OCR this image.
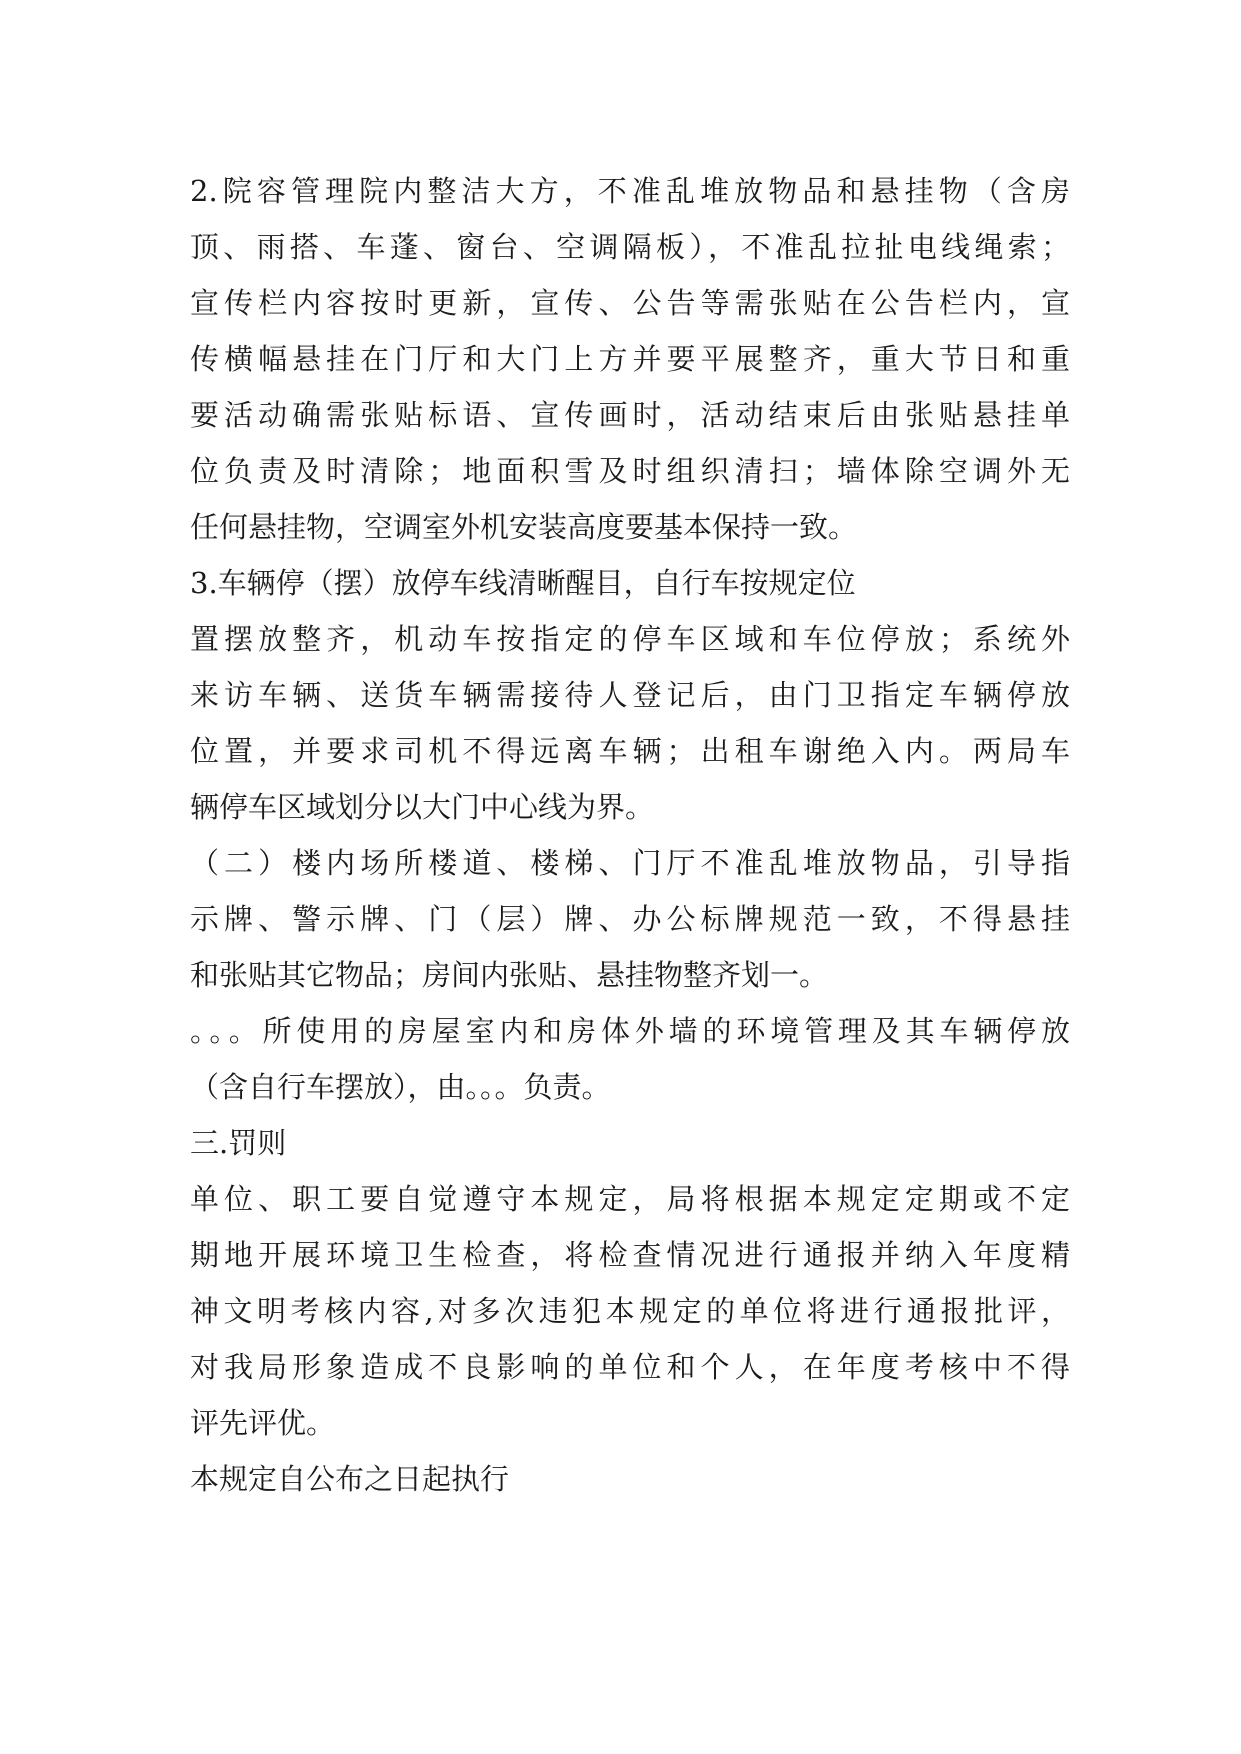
2.院容管理院内整洁大方，不准乱堆放物品和悬挂物（含房
顶、雨搭、车蓬、窗台、空调隔板），不准乱拉扯电线绳索；
宣传栏内容按时更新，宣传、公告等需张贴在公告栏内，宣
传横幅悬挂在门厅和大门上方并要平展整齐，重大节日和重
要活动确需张贴标语、宣传画时，活动结束后由张贴悬挂单
位负责及时清除；地面积雪及时组织清扫；墙体除空调外无
任何悬挂物，空调室外机安装高度要基本保持一致。
3.车辆停（摆）放停车线清晰醒目，自行车按规定位
置摆放整齐，机动车按指定的停车区域和车位停放；系统外
来访车辆、送货车辆需接待人登记后，由门卫指定车辆停放
位置，并要求司机不得远离车辆；出租车谢绝入内。两局车
辆停车区域划分以大门中心线为界。
（二）楼内场所楼道、楼梯、门厅不准乱堆放物品，引导指
示牌、警示牌、门（层）牌、办公标牌规范一致，不得悬挂
和张贴其它物品；房间内张贴、悬挂物整齐划一。
。。。所使用的房屋室内和房体外墙的环境管理及其车辆停放
（含自行车摆放），由。。。负责。
三.罚则
单位、职工要自觉遵守本规定，局将根据本规定定期或不定
期地开展环境卫生检查，将检查情况进行通报并纳入年度精
神文明考核内容,对多次违犯本规定的单位将进行通报批评，
对我局形象造成不良影响的单位和个人，在年度考核中不得
评先评优。
本规定自公布之日起执行
